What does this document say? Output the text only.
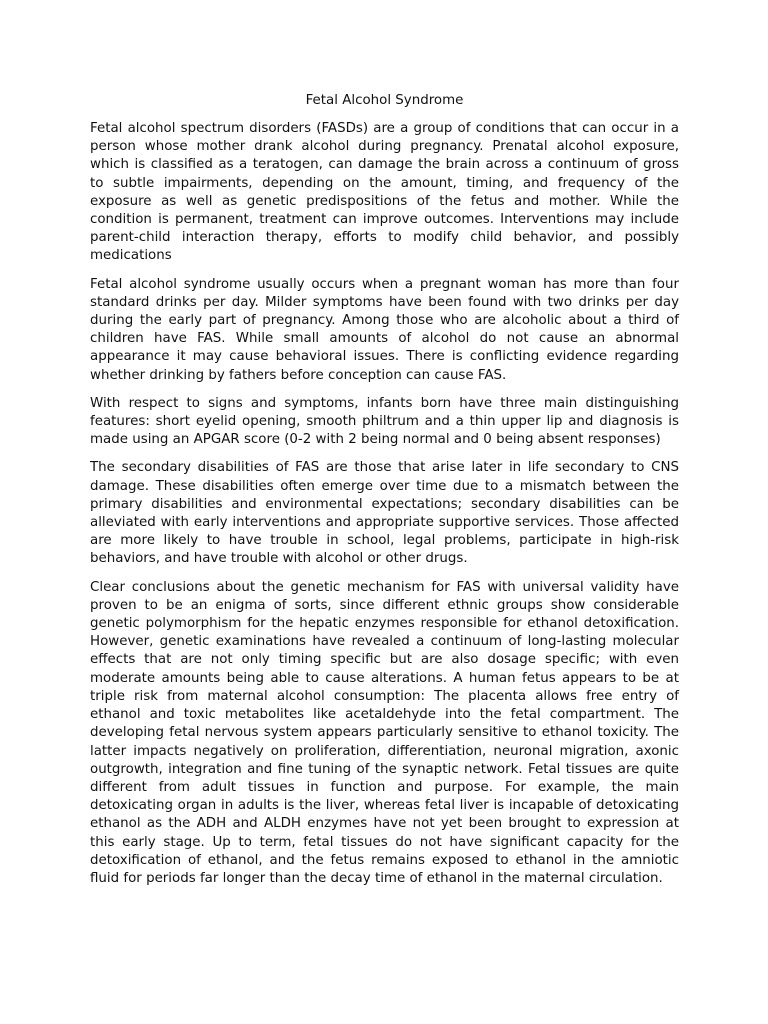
Fetal Alcohol Syndrome

Fetal alcohol spectrum disorders (FASDs) are a group of conditions that can occur in a person whose mother drank alcohol during pregnancy. Prenatal alcohol exposure, which is classified as a teratogen, can damage the brain across a continuum of gross to subtle impairments, depending on the amount, timing, and frequency of the exposure as well as genetic predispositions of the fetus and mother. While the condition is permanent, treatment can improve outcomes. Interventions may include parent-child interaction therapy, efforts to modify child behavior, and possibly medications

Fetal alcohol syndrome usually occurs when a pregnant woman has more than four standard drinks per day. Milder symptoms have been found with two drinks per day during the early part of pregnancy. Among those who are alcoholic about a third of children have FAS. While small amounts of alcohol do not cause an abnormal appearance it may cause behavioral issues. There is conflicting evidence regarding whether drinking by fathers before conception can cause FAS.

With respect to signs and symptoms, infants born have three main distinguishing features: short eyelid opening, smooth philtrum and a thin upper lip and diagnosis is made using an APGAR score (0-2 with 2 being normal and 0 being absent responses)

The secondary disabilities of FAS are those that arise later in life secondary to CNS damage. These disabilities often emerge over time due to a mismatch between the primary disabilities and environmental expectations; secondary disabilities can be alleviated with early interventions and appropriate supportive services. Those affected are more likely to have trouble in school, legal problems, participate in high-risk behaviors, and have trouble with alcohol or other drugs.

Clear conclusions about the genetic mechanism for FAS with universal validity have proven to be an enigma of sorts, since different ethnic groups show considerable genetic polymorphism for the hepatic enzymes responsible for ethanol detoxification. However, genetic examinations have revealed a continuum of long-lasting molecular effects that are not only timing specific but are also dosage specific; with even moderate amounts being able to cause alterations. A human fetus appears to be at triple risk from maternal alcohol consumption: The placenta allows free entry of ethanol and toxic metabolites like acetaldehyde into the fetal compartment. The developing fetal nervous system appears particularly sensitive to ethanol toxicity. The latter impacts negatively on proliferation, differentiation, neuronal migration, axonic outgrowth, integration and fine tuning of the synaptic network. Fetal tissues are quite different from adult tissues in function and purpose. For example, the main detoxicating organ in adults is the liver, whereas fetal liver is incapable of detoxicating ethanol as the ADH and ALDH enzymes have not yet been brought to expression at this early stage. Up to term, fetal tissues do not have significant capacity for the detoxification of ethanol, and the fetus remains exposed to ethanol in the amniotic fluid for periods far longer than the decay time of ethanol in the maternal circulation.
